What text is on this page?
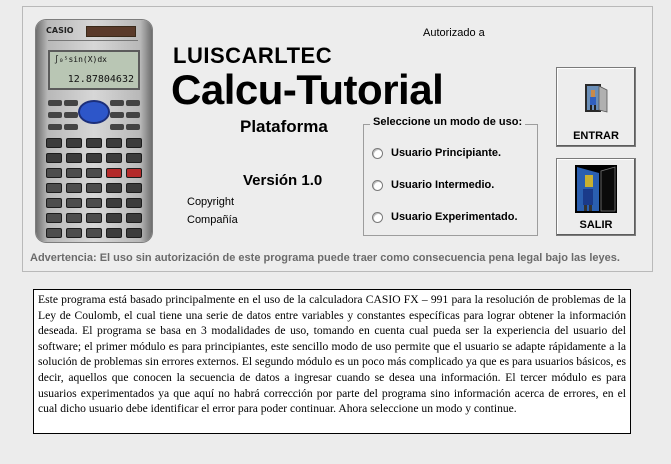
CASIO
∫₀⁵sin(X)dx
12.87804632
LUISCARLTEC
Calcu-Tutorial
Plataforma
Autorizado a
Versión 1.0
Copyright
Compañía
Seleccione un modo de uso:
Usuario Principiante.
Usuario Intermedio.
Usuario Experimentado.
ENTRAR
SALIR
Advertencia: El uso sin autorización de este programa puede traer como consecuencia pena legal bajo las leyes.
Este programa está basado principalmente en el uso de la calculadora CASIO FX – 991 para la resolución de problemas de la Ley de Coulomb, el cual tiene una serie de datos entre variables y constantes específicas para lograr obtener la información deseada. El programa se basa en 3 modalidades de uso, tomando en cuenta cual pueda ser la experiencia del usuario del software; el primer módulo es para principiantes, este sencillo modo de uso permite que el usuario se adapte rápidamente a la solución de problemas sin errores externos. El segundo módulo es un poco más complicado ya que es para usuarios básicos, es decir, aquellos que conocen la secuencia de datos a ingresar cuando se desea una información. El tercer módulo es para usuarios experimentados ya que aquí no habrá corrección por parte del programa sino información acerca de errores, en el cual dicho usuario debe identificar el error para poder continuar. Ahora seleccione un modo y continue.
